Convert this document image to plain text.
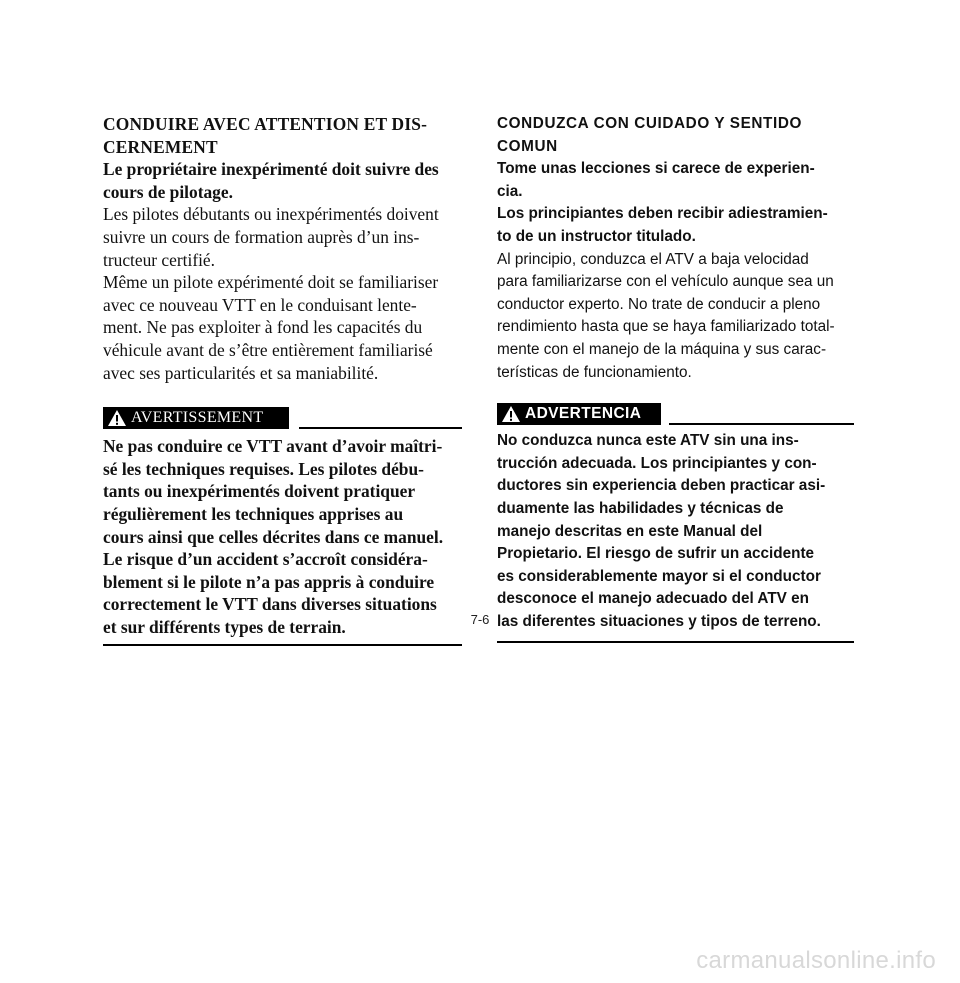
CONDUIRE AVEC ATTENTION ET DIS-
CERNEMENT

Le propriétaire inexpérimenté doit suivre des
cours de pilotage.

Les pilotes débutants ou inexpérimentés doivent
suivre un cours de formation auprès d’un ins-
tructeur certifié.
Même un pilote expérimenté doit se familiariser
avec ce nouveau VTT en le conduisant lente-
ment. Ne pas exploiter à fond les capacités du
véhicule avant de s’être entièrement familiarisé
avec ses particularités et sa maniabilité.

AVERTISSEMENT

Ne pas conduire ce VTT avant d’avoir maîtri-
sé les techniques requises. Les pilotes débu-
tants ou inexpérimentés doivent pratiquer
régulièrement les techniques apprises au
cours ainsi que celles décrites dans ce manuel.
Le risque d’un accident s’accroît considéra-
blement si le pilote n’a pas appris à conduire
correctement le VTT dans diverses situations
et sur différents types de terrain.

CONDUZCA CON CUIDADO Y SENTIDO
COMUN

Tome unas lecciones si carece de experien-
cia.
Los principiantes deben recibir adiestramien-
to de un instructor titulado.

Al principio, conduzca el ATV a baja velocidad
para familiarizarse con el vehículo aunque sea un
conductor experto. No trate de conducir a pleno
rendimiento hasta que se haya familiarizado total-
mente con el manejo de la máquina y sus carac-
terísticas de funcionamiento.

ADVERTENCIA

No conduzca nunca este ATV sin una ins-
trucción adecuada. Los principiantes y con-
ductores sin experiencia deben practicar asi-
duamente las habilidades y técnicas de
manejo descritas en este Manual del
Propietario. El riesgo de sufrir un accidente
es considerablemente mayor si el conductor
desconoce el manejo adecuado del ATV en
las diferentes situaciones y tipos de terreno.

7-6
carmanualsonline.info
